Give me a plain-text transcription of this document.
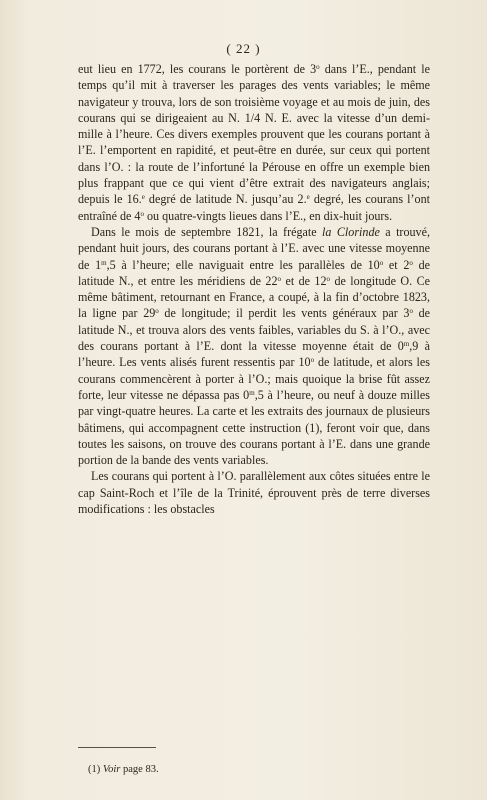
( 22 )

eut lieu en 1772, les courans le portèrent de 3$^o$ dans l’E., pendant le temps qu’il mit à traverser les parages des vents variables; le même navigateur y trouva, lors de son troisième voyage et au mois de juin, des courans qui se dirigeaient au N. 1/4 N. E. avec la vitesse d’un demi-mille à l’heure. Ces divers exemples prouvent que les courans portant à l’E. l’emportent en rapidité, et peut-être en durée, sur ceux qui portent dans l’O. : la route de l’infortuné la Pérouse en offre un exemple bien plus frappant que ce qui vient d’être extrait des navigateurs anglais; depuis le 16.$^e$ degré de latitude N. jusqu’au 2.$^e$ degré, les courans l’ont entraîné de 4$^o$ ou quatre-vingts lieues dans l’E., en dix-huit jours.

Dans le mois de septembre 1821, la frégate la Clorinde a trouvé, pendant huit jours, des courans portant à l’E. avec une vitesse moyenne de 1$^m$,5 à l’heure; elle naviguait entre les parallèles de 10$^o$ et 2$^o$ de latitude N., et entre les méridiens de 22$^o$ et de 12$^o$ de longitude O. Ce même bâtiment, retournant en France, a coupé, à la fin d’octobre 1823, la ligne par 29$^o$ de longitude; il perdit les vents généraux par 3$^o$ de latitude N., et trouva alors des vents faibles, variables du S. à l’O., avec des courans portant à l’E. dont la vitesse moyenne était de 0$^m$,9 à l’heure. Les vents alisés furent ressentis par 10$^o$ de latitude, et alors les courans commencèrent à porter à l’O.; mais quoique la brise fût assez forte, leur vitesse ne dépassa pas 0$^m$,5 à l’heure, ou neuf à douze milles par vingt-quatre heures. La carte et les extraits des journaux de plusieurs bâtimens, qui accompagnent cette instruction (1), feront voir que, dans toutes les saisons, on trouve des courans portant à l’E. dans une grande portion de la bande des vents variables.

Les courans qui portent à l’O. parallèlement aux côtes situées entre le cap Saint-Roch et l’île de la Trinité, éprouvent près de terre diverses modifications : les obstacles

(1) Voir page 83.
